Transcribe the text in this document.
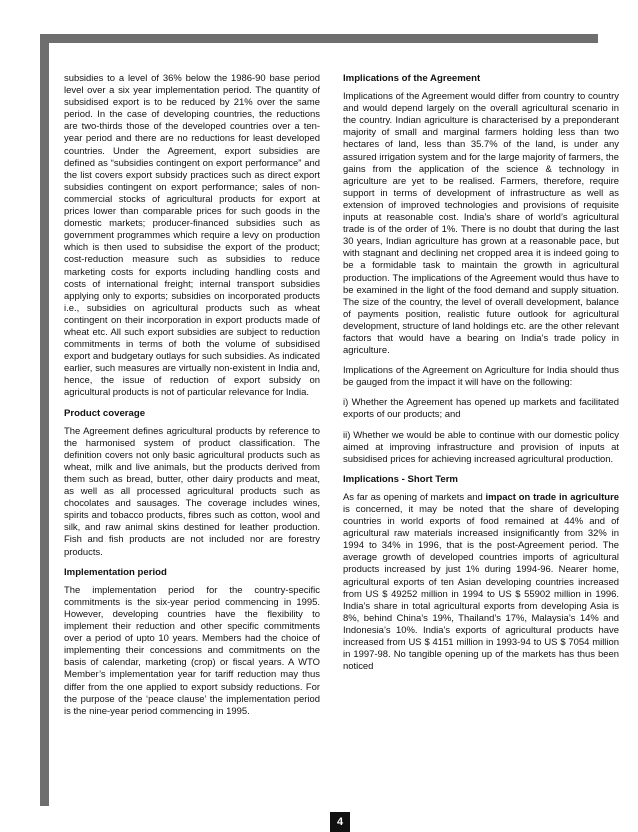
subsidies to a level of 36% below the 1986-90 base period level over a six year implementation period. The quantity of subsidised export is to be reduced by 21% over the same period. In the case of developing countries, the reductions are two-thirds those of the developed countries over a ten-year period and there are no reductions for least developed countries. Under the Agreement, export subsidies are defined as “subsidies contingent on export performance” and the list covers export subsidy practices such as direct export subsidies contingent on export performance; sales of non-commercial stocks of agricultural products for export at prices lower than comparable prices for such goods in the domestic markets; producer-financed subsidies such as government programmes which require a levy on production which is then used to subsidise the export of the product; cost-reduction measure such as subsidies to reduce marketing costs for exports including handling costs and costs of international freight; internal transport subsidies applying only to exports; subsidies on incorporated products i.e., subsidies on agricultural products such as wheat contingent on their incorporation in export products made of wheat etc. All such export subsidies are subject to reduction commitments in terms of both the volume of subsidised export and budgetary outlays for such subsidies. As indicated earlier, such measures are virtually non-existent in India and, hence, the issue of reduction of export subsidy on agricultural products is not of particular relevance for India.

Product coverage

The Agreement defines agricultural products by reference to the harmonised system of product classification. The definition covers not only basic agricultural products such as wheat, milk and live animals, but the products derived from them such as bread, butter, other dairy products and meat, as well as all processed agricultural products such as chocolates and sausages. The coverage includes wines, spirits and tobacco products, fibres such as cotton, wool and silk, and raw animal skins destined for leather production. Fish and fish products are not included nor are forestry products.

Implementation period

The implementation period for the country-specific commitments is the six-year period commencing in 1995. However, developing countries have the flexibility to implement their reduction and other specific commitments over a period of upto 10 years. Members had the choice of implementing their concessions and commitments on the basis of calendar, marketing (crop) or fiscal years. A WTO Member’s implementation year for tariff reduction may thus differ from the one applied to export subsidy reductions. For the purpose of the ‘peace clause’ the implementation period is the nine-year period commencing in 1995.

Implications of the Agreement

Implications of the Agreement would differ from country to country and would depend largely on the overall agricultural scenario in the country. Indian agriculture is characterised by a preponderant majority of small and marginal farmers holding less than two hectares of land, less than 35.7% of the land, is under any assured irrigation system and for the large majority of farmers, the gains from the application of the science & technology in agriculture are yet to be realised. Farmers, therefore, require support in terms of development of infrastructure as well as extension of improved technologies and provisions of requisite inputs at reasonable cost. India’s share of world’s agricultural trade is of the order of 1%. There is no doubt that during the last 30 years, Indian agriculture has grown at a reasonable pace, but with stagnant and declining net cropped area it is indeed going to be a formidable task to maintain the growth in agricultural production. The implications of the Agreement would thus have to be examined in the light of the food demand and supply situation. The size of the country, the level of overall development, balance of payments position, realistic future outlook for agricultural development, structure of land holdings etc. are the other relevant factors that would have a bearing on India’s trade policy in agriculture.

Implications of the Agreement on Agriculture for India should thus be gauged from the impact it will have on the following:

i) Whether the Agreement has opened up markets and facilitated exports of our products; and

ii) Whether we would be able to continue with our domestic policy aimed at improving infrastructure and provision of inputs at subsidised prices for achieving increased agricultural production.

Implications - Short Term

As far as opening of markets and impact on trade in agriculture is concerned, it may be noted that the share of developing countries in world exports of food remained at 44% and of agricultural raw materials increased insignificantly from 32% in 1994 to 34% in 1996, that is the post-Agreement period. The average growth of developed countries imports of agricultural products increased by just 1% during 1994-96. Nearer home, agricultural exports of ten Asian developing countries increased from US $ 49252 million in 1994 to US $ 55902 million in 1996. India’s share in total agricultural exports from developing Asia is 8%, behind China’s 19%, Thailand’s 17%, Malaysia’s 14% and Indonesia’s 10%. India’s exports of agricultural products have increased from US $ 4151 million in 1993-94 to US $ 7054 million in 1997-98. No tangible opening up of the markets has thus been noticed

4
